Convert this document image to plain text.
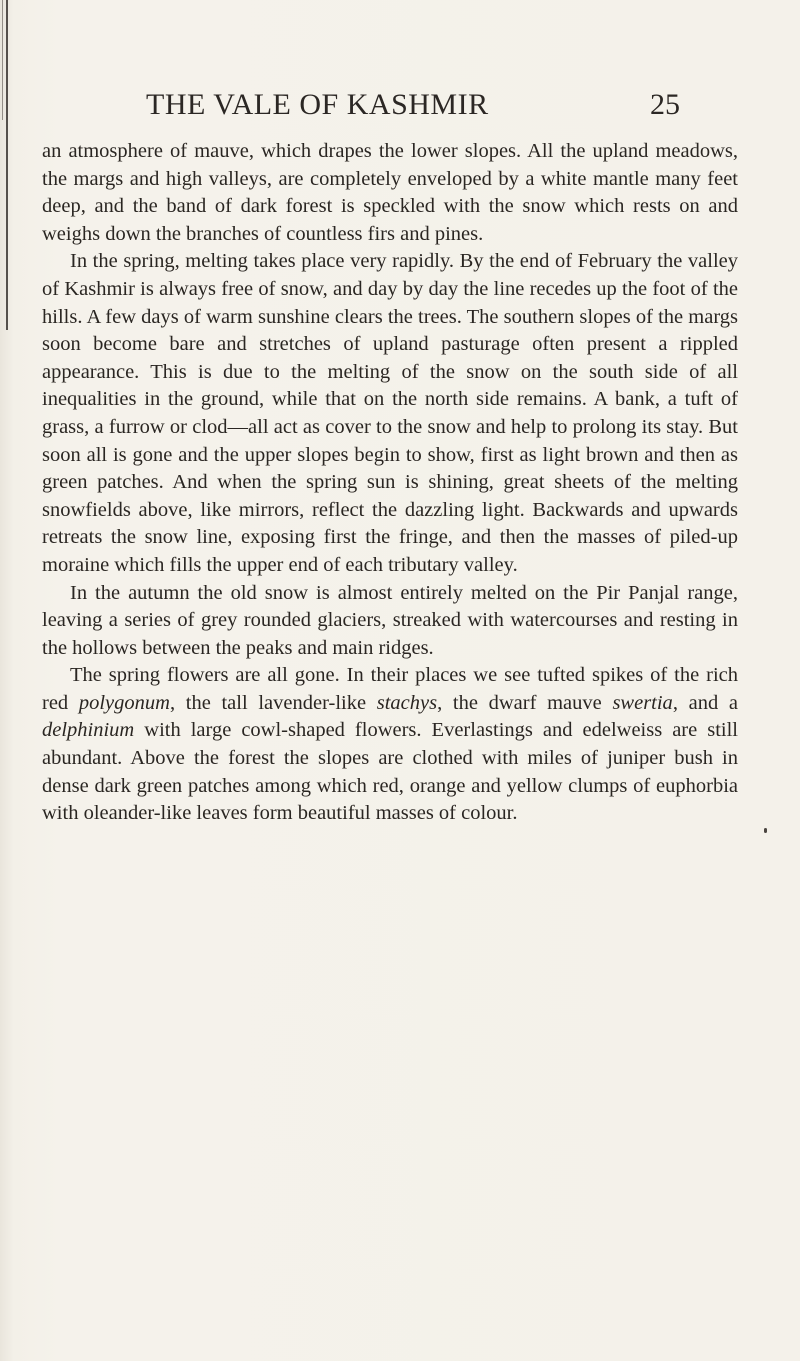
THE VALE OF KASHMIR	25

an atmosphere of mauve, which drapes the lower slopes. All the upland meadows, the margs and high valleys, are completely enveloped by a white mantle many feet deep, and the band of dark forest is speckled with the snow which rests on and weighs down the branches of countless firs and pines.

In the spring, melting takes place very rapidly. By the end of February the valley of Kashmir is always free of snow, and day by day the line recedes up the foot of the hills. A few days of warm sunshine clears the trees. The southern slopes of the margs soon become bare and stretches of upland pasturage often present a rippled appearance. This is due to the melting of the snow on the south side of all inequalities in the ground, while that on the north side remains. A bank, a tuft of grass, a furrow or clod—all act as cover to the snow and help to prolong its stay. But soon all is gone and the upper slopes begin to show, first as light brown and then as green patches. And when the spring sun is shining, great sheets of the melting snowfields above, like mirrors, reflect the dazzling light. Backwards and upwards retreats the snow line, exposing first the fringe, and then the masses of piled-up moraine which fills the upper end of each tributary valley.

In the autumn the old snow is almost entirely melted on the Pir Panjal range, leaving a series of grey rounded glaciers, streaked with watercourses and resting in the hollows between the peaks and main ridges.

The spring flowers are all gone. In their places we see tufted spikes of the rich red polygonum, the tall lavender-like stachys, the dwarf mauve swertia, and a delphinium with large cowl-shaped flowers. Everlastings and edelweiss are still abundant. Above the forest the slopes are clothed with miles of juniper bush in dense dark green patches among which red, orange and yellow clumps of euphorbia with oleander-like leaves form beautiful masses of colour.
